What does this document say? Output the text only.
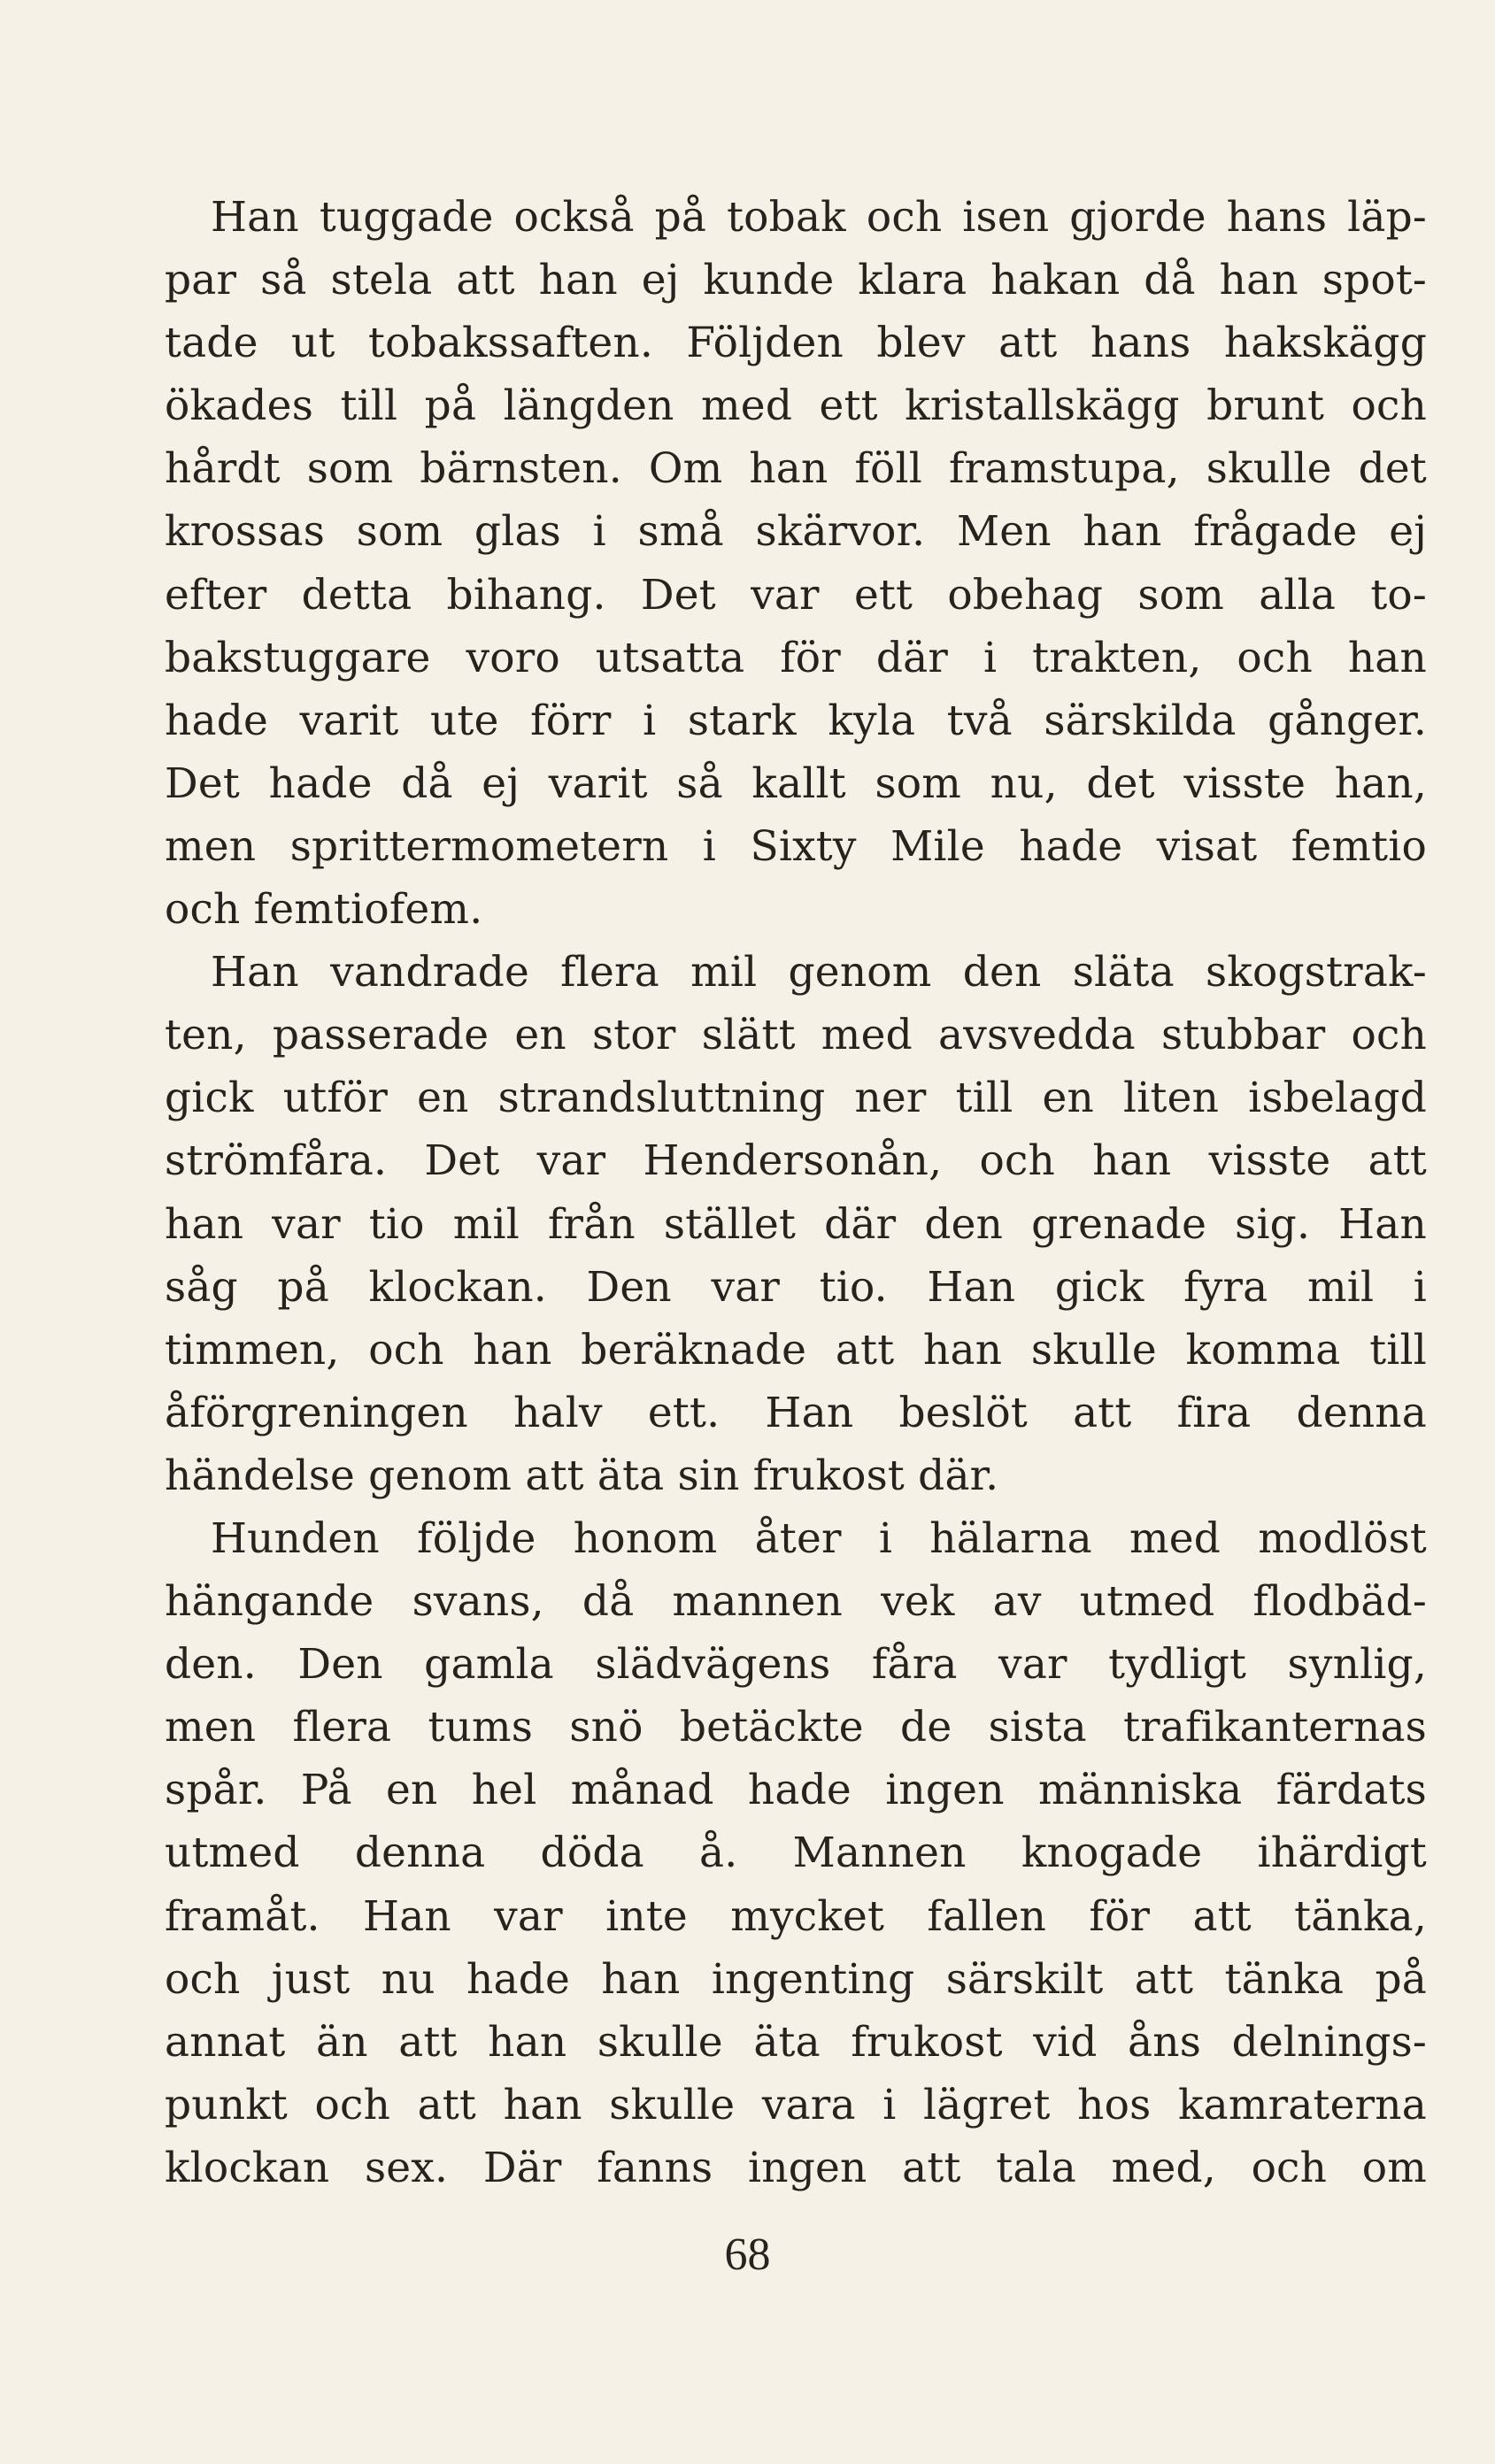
Han tuggade också på tobak och isen gjorde hans läp-
par så stela att han ej kunde klara hakan då han spot-
tade ut tobakssaften. Följden blev att hans hakskägg
ökades till på längden med ett kristallskägg brunt och
hårdt som bärnsten. Om han föll framstupa, skulle det
krossas som glas i små skärvor. Men han frågade ej
efter detta bihang. Det var ett obehag som alla to-
bakstuggare voro utsatta för där i trakten, och han
hade varit ute förr i stark kyla två särskilda gånger.
Det hade då ej varit så kallt som nu, det visste han,
men sprittermometern i Sixty Mile hade visat femtio
och femtiofem.
Han vandrade flera mil genom den släta skogstrak-
ten, passerade en stor slätt med avsvedda stubbar och
gick utför en strandsluttning ner till en liten isbelagd
strömfåra. Det var Hendersonån, och han visste att
han var tio mil från stället där den grenade sig. Han
såg på klockan. Den var tio. Han gick fyra mil i
timmen, och han beräknade att han skulle komma till
åförgreningen halv ett. Han beslöt att fira denna
händelse genom att äta sin frukost där.
Hunden följde honom åter i hälarna med modlöst
hängande svans, då mannen vek av utmed flodbäd-
den. Den gamla slädvägens fåra var tydligt synlig,
men flera tums snö betäckte de sista trafikanternas
spår. På en hel månad hade ingen människa färdats
utmed denna döda å. Mannen knogade ihärdigt
framåt. Han var inte mycket fallen för att tänka,
och just nu hade han ingenting särskilt att tänka på
annat än att han skulle äta frukost vid åns delnings-
punkt och att han skulle vara i lägret hos kamraterna
klockan sex. Där fanns ingen att tala med, och om
68
